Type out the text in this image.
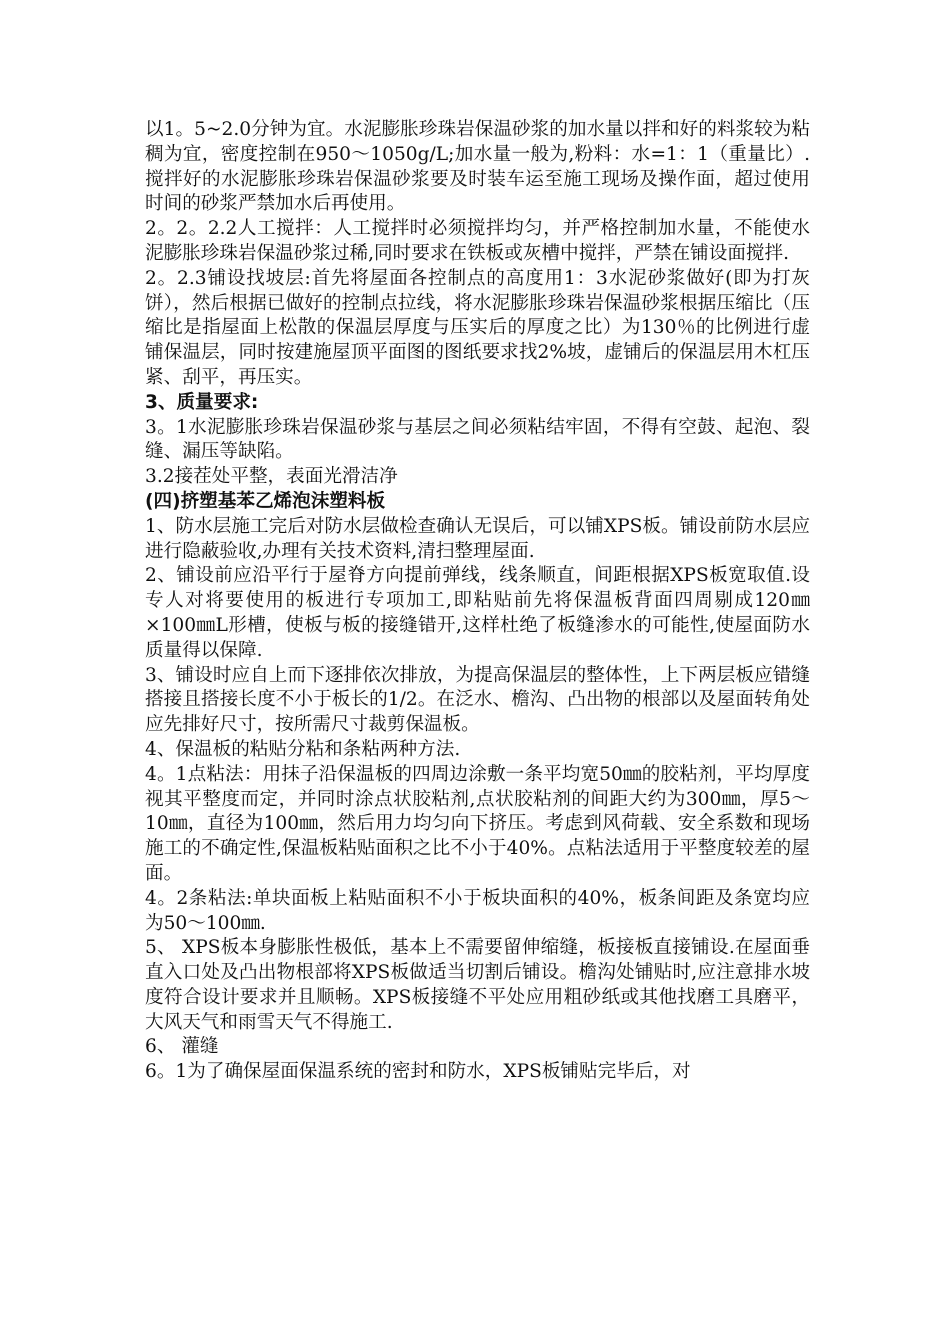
以1。5~2.0分钟为宜。水泥膨胀珍珠岩保温砂浆的加水量以拌和好的料浆较为粘稠为宜，密度控制在950～1050g/L;加水量一般为,粉料：水=1：1（重量比）.搅拌好的水泥膨胀珍珠岩保温砂浆要及时装车运至施工现场及操作面，超过使用时间的砂浆严禁加水后再使用。

2。2。2.2人工搅拌：人工搅拌时必须搅拌均匀，并严格控制加水量，不能使水泥膨胀珍珠岩保温砂浆过稀,同时要求在铁板或灰槽中搅拌，严禁在铺设面搅拌.

2。2.3铺设找坡层:首先将屋面各控制点的高度用1：3水泥砂浆做好(即为打灰饼），然后根据已做好的控制点拉线，将水泥膨胀珍珠岩保温砂浆根据压缩比（压缩比是指屋面上松散的保温层厚度与压实后的厚度之比）为130％的比例进行虚铺保温层，同时按建施屋顶平面图的图纸要求找2%坡，虚铺后的保温层用木杠压紧、刮平，再压实。

3、质量要求:

3。1水泥膨胀珍珠岩保温砂浆与基层之间必须粘结牢固，不得有空鼓、起泡、裂缝、漏压等缺陷。

3.2接茬处平整，表面光滑洁净

(四)挤塑基苯乙烯泡沫塑料板

1、防水层施工完后对防水层做检查确认无误后，可以铺XPS板。铺设前防水层应进行隐蔽验收,办理有关技术资料,清扫整理屋面.

2、铺设前应沿平行于屋脊方向提前弹线，线条顺直，间距根据XPS板宽取值.设专人对将要使用的板进行专项加工,即粘贴前先将保温板背面四周剔成120㎜×100㎜L形槽，使板与板的接缝错开,这样杜绝了板缝渗水的可能性,使屋面防水质量得以保障.

3、铺设时应自上而下逐排依次排放，为提高保温层的整体性，上下两层板应错缝搭接且搭接长度不小于板长的1/2。在泛水、檐沟、凸出物的根部以及屋面转角处应先排好尺寸，按所需尺寸裁剪保温板。

4、保温板的粘贴分粘和条粘两种方法.

4。1点粘法：用抹子沿保温板的四周边涂敷一条平均宽50㎜的胶粘剂，平均厚度视其平整度而定，并同时涂点状胶粘剂,点状胶粘剂的间距大约为300㎜，厚5～10㎜，直径为100㎜，然后用力均匀向下挤压。考虑到风荷载、安全系数和现场施工的不确定性,保温板粘贴面积之比不小于40%。点粘法适用于平整度较差的屋面。

4。2条粘法:单块面板上粘贴面积不小于板块面积的40%，板条间距及条宽均应为50～100㎜.

5、 XPS板本身膨胀性极低，基本上不需要留伸缩缝，板接板直接铺设.在屋面垂直入口处及凸出物根部将XPS板做适当切割后铺设。檐沟处铺贴时,应注意排水坡度符合设计要求并且顺畅。XPS板接缝不平处应用粗砂纸或其他找磨工具磨平，大风天气和雨雪天气不得施工.

6、 灌缝

6。1为了确保屋面保温系统的密封和防水，XPS板铺贴完毕后，对
